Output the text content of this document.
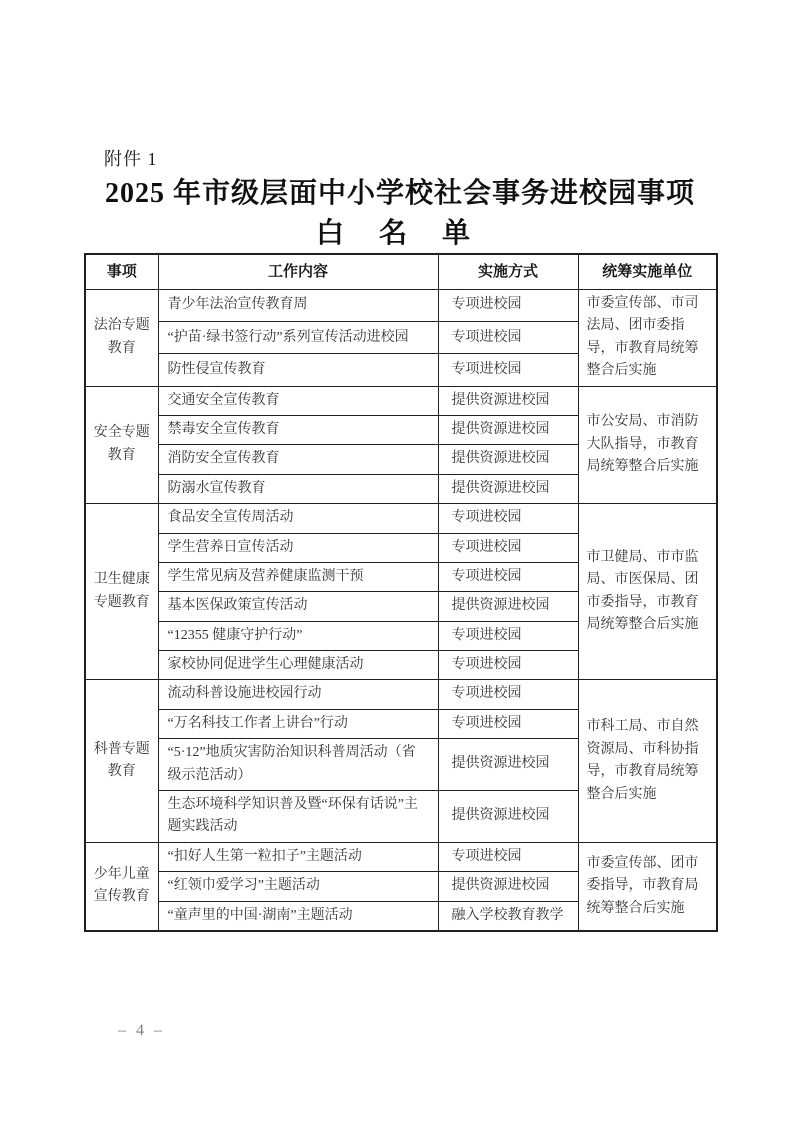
附件 1
2025 年市级层面中小学校社会事务进校园事项
白 名 单
事项	工作内容	实施方式	统筹实施单位
法治专题教育	青少年法治宣传教育周	专项进校园	市委宣传部、市司法局、团市委指导，市教育局统筹整合后实施
	“护苗·绿书签行动”系列宣传活动进校园	专项进校园	
	防性侵宣传教育	专项进校园	
安全专题教育	交通安全宣传教育	提供资源进校园	市公安局、市消防大队指导，市教育局统筹整合后实施
	禁毒安全宣传教育	提供资源进校园	
	消防安全宣传教育	提供资源进校园	
	防溺水宣传教育	提供资源进校园	
卫生健康专题教育	食品安全宣传周活动	专项进校园	市卫健局、市市监局、市医保局、团市委指导，市教育局统筹整合后实施
	学生营养日宣传活动	专项进校园	
	学生常见病及营养健康监测干预	专项进校园	
	基本医保政策宣传活动	提供资源进校园	
	“12355 健康守护行动”	专项进校园	
	家校协同促进学生心理健康活动	专项进校园	
科普专题教育	流动科普设施进校园行动	专项进校园	市科工局、市自然资源局、市科协指导，市教育局统筹整合后实施
	“万名科技工作者上讲台”行动	专项进校园	
	“5·12”地质灾害防治知识科普周活动（省级示范活动）	提供资源进校园	
	生态环境科学知识普及暨“环保有话说”主题实践活动	提供资源进校园	
少年儿童宣传教育	“扣好人生第一粒扣子”主题活动	专项进校园	市委宣传部、团市委指导，市教育局统筹整合后实施
	“红领巾爱学习”主题活动	提供资源进校园	
	“童声里的中国·湖南”主题活动	融入学校教育教学	
– 4 –
